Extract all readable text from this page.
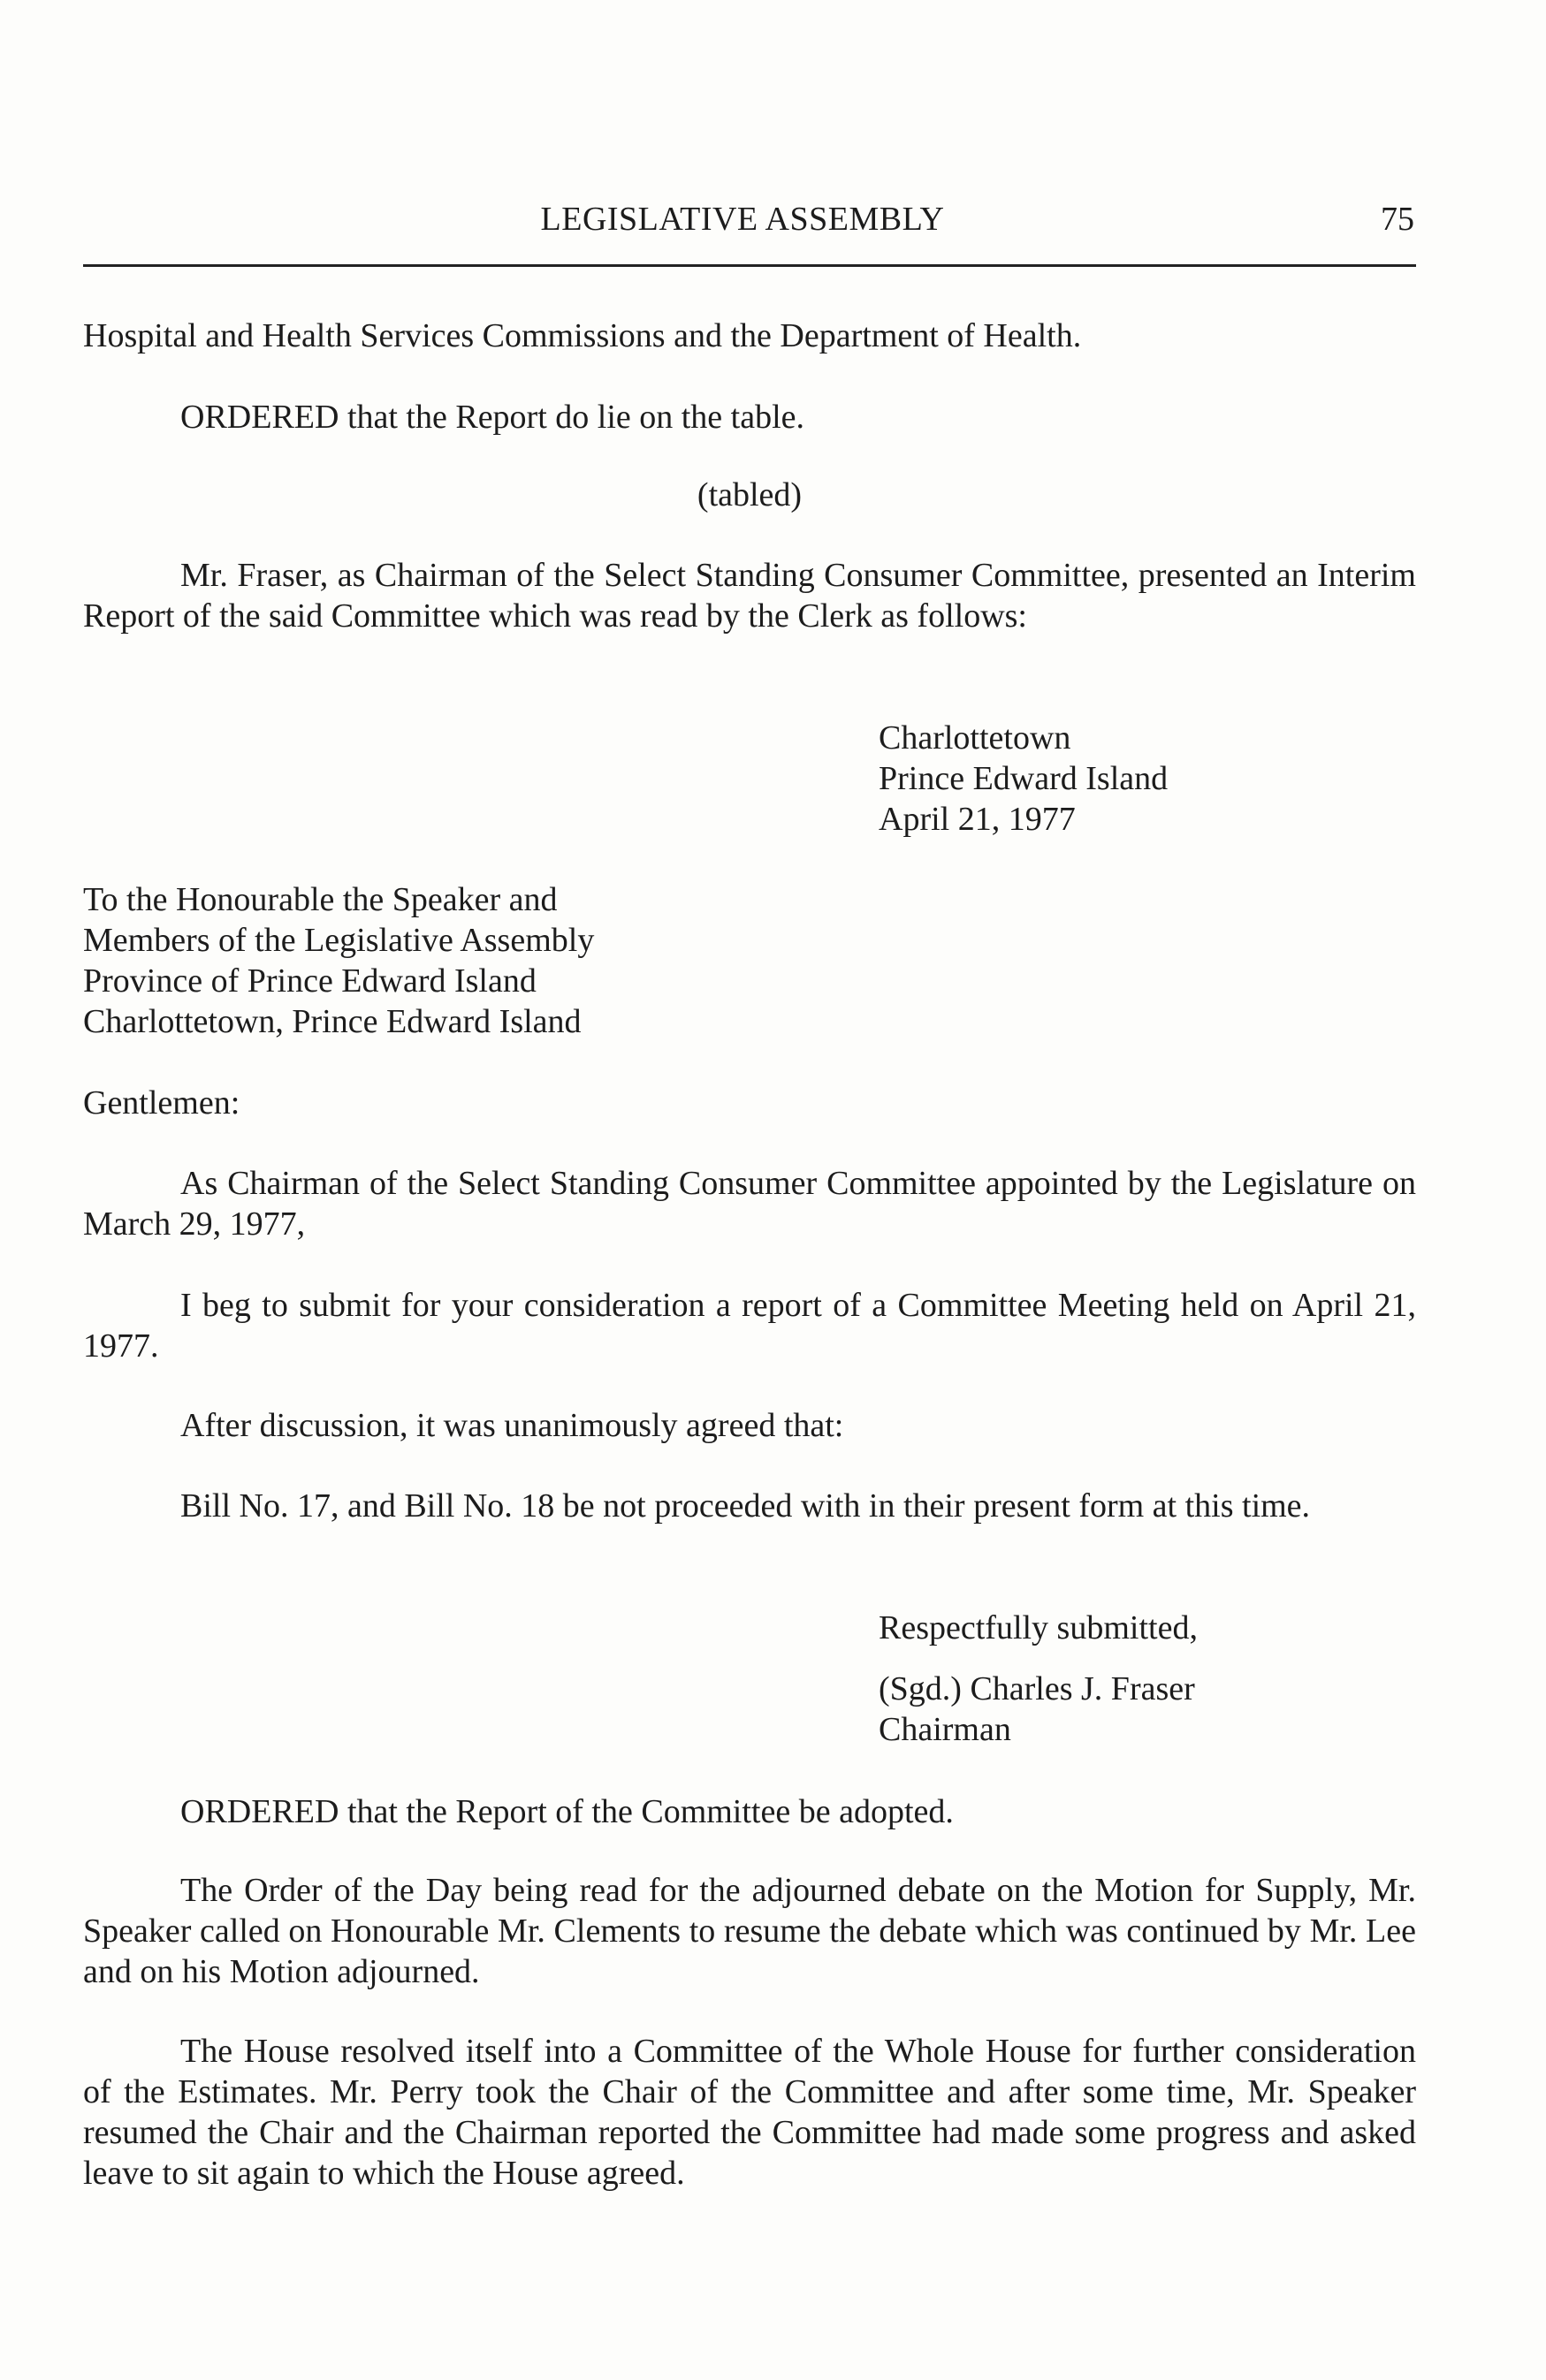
LEGISLATIVE ASSEMBLY	75

Hospital and Health Services Commissions and the Department of Health.

ORDERED that the Report do lie on the table.

(tabled)

Mr. Fraser, as Chairman of the Select Standing Consumer Committee, presented an Interim Report of the said Committee which was read by the Clerk as follows:

Charlottetown
Prince Edward Island
April 21, 1977
To the Honourable the Speaker and
Members of the Legislative Assembly
Province of Prince Edward Island
Charlottetown, Prince Edward Island

Gentlemen:

As Chairman of the Select Standing Consumer Committee appointed by the Legislature on March 29, 1977,

I beg to submit for your consideration a report of a Committee Meeting held on April 21, 1977.

After discussion, it was unanimously agreed that:

Bill No. 17, and Bill No. 18 be not proceeded with in their present form at this time.

Respectfully submitted,

(Sgd.) Charles J. Fraser
Chairman

ORDERED that the Report of the Committee be adopted.

The Order of the Day being read for the adjourned debate on the Motion for Supply, Mr. Speaker called on Honourable Mr. Clements to resume the debate which was continued by Mr. Lee and on his Motion adjourned.

The House resolved itself into a Committee of the Whole House for further consideration of the Estimates. Mr. Perry took the Chair of the Committee and after some time, Mr. Speaker resumed the Chair and the Chairman reported the Committee had made some progress and asked leave to sit again to which the House agreed.
